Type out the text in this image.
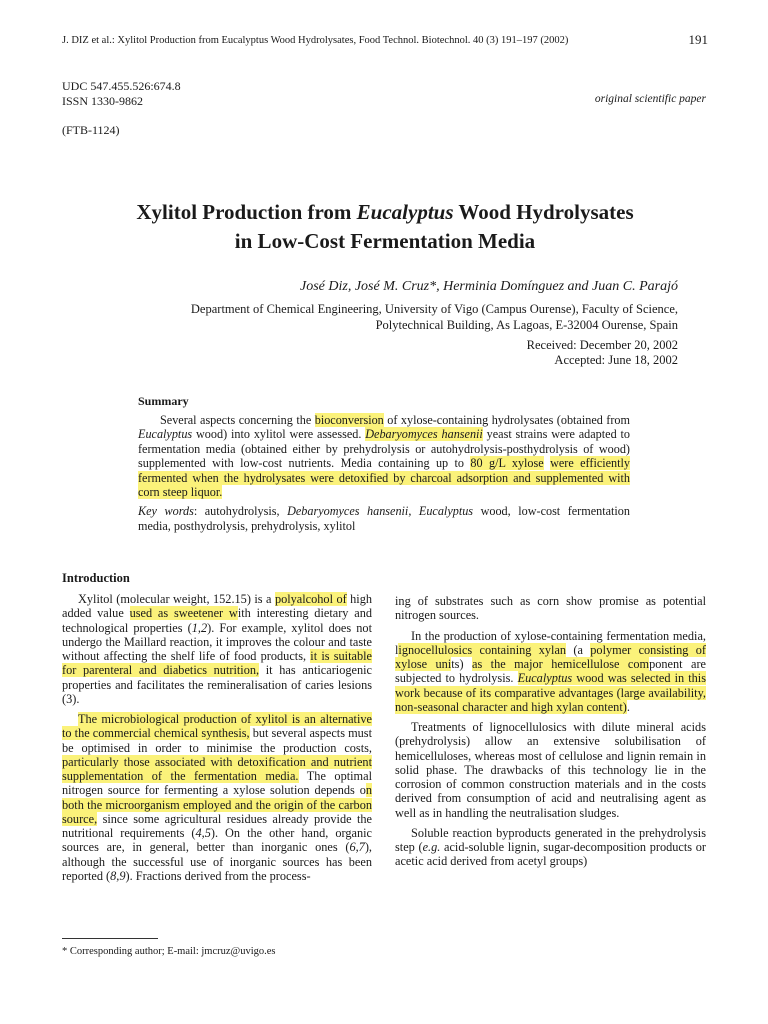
J. DIZ et al.: Xylitol Production from Eucalyptus Wood Hydrolysates, Food Technol. Biotechnol. 40 (3) 191–197 (2002)	191
UDC 547.455.526:674.8
ISSN 1330-9862
(FTB-1124)
original scientific paper
Xylitol Production from Eucalyptus Wood Hydrolysates
in Low-Cost Fermentation Media
José Diz, José M. Cruz*, Herminia Domínguez and Juan C. Parajó
Department of Chemical Engineering, University of Vigo (Campus Ourense), Faculty of Science,
Polytechnical Building, As Lagoas, E-32004 Ourense, Spain
Received: December 20, 2002
Accepted: June 18, 2002
Summary
Several aspects concerning the bioconversion of xylose-containing hydrolysates (obtained from Eucalyptus wood) into xylitol were assessed. Debaryomyces hansenii yeast strains were adapted to fermentation media (obtained either by prehydrolysis or autohydrolysis-posthydrolysis of wood) supplemented with low-cost nutrients. Media containing up to 80 g/L xylose were efficiently fermented when the hydrolysates were detoxified by charcoal adsorption and supplemented with corn steep liquor.
Key words: autohydrolysis, Debaryomyces hansenii, Eucalyptus wood, low-cost fermentation media, posthydrolysis, prehydrolysis, xylitol
Introduction

Xylitol (molecular weight, 152.15) is a polyalcohol of high added value used as sweetener with interesting dietary and technological properties (1,2). For example, xylitol does not undergo the Maillard reaction, it improves the colour and taste without affecting the shelf life of food products, it is suitable for parenteral and diabetics nutrition, it has anticariogenic properties and facilitates the remineralisation of caries lesions (3).

The microbiological production of xylitol is an alternative to the commercial chemical synthesis, but several aspects must be optimised in order to minimise the production costs, particularly those associated with detoxification and nutrient supplementation of the fermentation media. The optimal nitrogen source for fermenting a xylose solution depends on both the microorganism employed and the origin of the carbon source, since some agricultural residues already provide the nutritional requirements (4,5). On the other hand, organic sources are, in general, better than inorganic ones (6,7), although the successful use of inorganic sources has been reported (8,9). Fractions derived from the process-

ing of substrates such as corn show promise as potential nitrogen sources.

In the production of xylose-containing fermentation media, lignocellulosics containing xylan (a polymer consisting of xylose units) as the major hemicellulose component are subjected to hydrolysis. Eucalyptus wood was selected in this work because of its comparative advantages (large availability, non-seasonal character and high xylan content).

Treatments of lignocellulosics with dilute mineral acids (prehydrolysis) allow an extensive solubilisation of hemicelluloses, whereas most of cellulose and lignin remain in solid phase. The drawbacks of this technology lie in the corrosion of common construction materials and in the costs derived from consumption of acid and neutralising agent as well as in handling the neutralisation sludges.

Soluble reaction byproducts generated in the prehydrolysis step (e.g. acid-soluble lignin, sugar-decomposition products or acetic acid derived from acetyl groups)

* Corresponding author; E-mail: jmcruz@uvigo.es
